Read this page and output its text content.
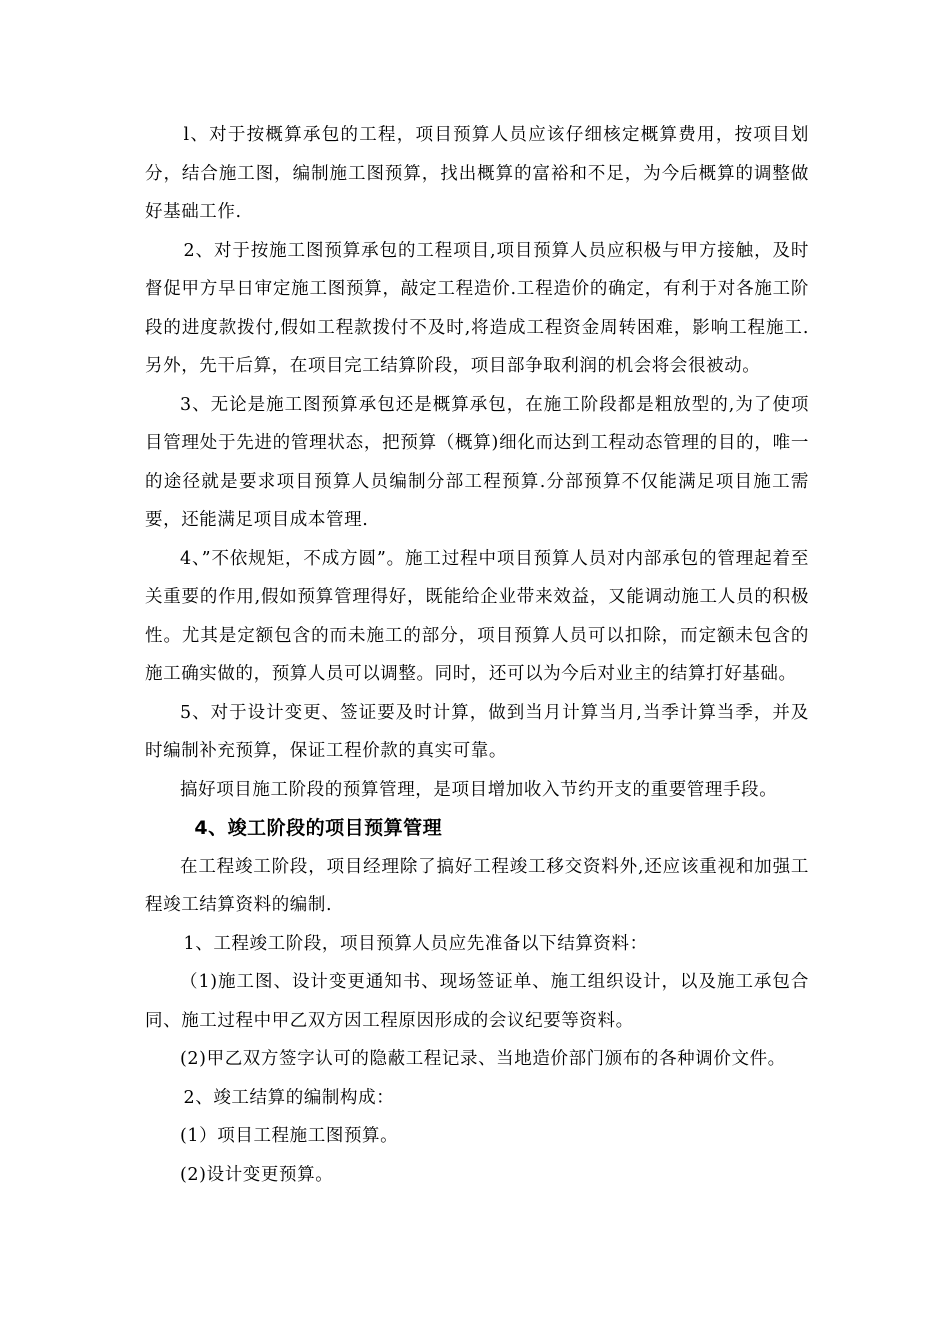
l、对于按概算承包的工程，项目预算人员应该仔细核定概算费用，按项目划分，结合施工图，编制施工图预算，找出概算的富裕和不足，为今后概算的调整做好基础工作.

2、对于按施工图预算承包的工程项目,项目预算人员应积极与甲方接触，及时督促甲方早日审定施工图预算，敲定工程造价.工程造价的确定，有利于对各施工阶段的进度款拨付,假如工程款拨付不及时,将造成工程资金周转困难，影响工程施工.另外，先干后算，在项目完工结算阶段，项目部争取利润的机会将会很被动。

3、无论是施工图预算承包还是概算承包，在施工阶段都是粗放型的,为了使项目管理处于先进的管理状态，把预算（概算)细化而达到工程动态管理的目的，唯一的途径就是要求项目预算人员编制分部工程预算.分部预算不仅能满足项目施工需要，还能满足项目成本管理.

4、”不依规矩，不成方圆”。施工过程中项目预算人员对内部承包的管理起着至关重要的作用,假如预算管理得好，既能给企业带来效益，又能调动施工人员的积极性。尤其是定额包含的而未施工的部分，项目预算人员可以扣除，而定额未包含的施工确实做的，预算人员可以调整。同时，还可以为今后对业主的结算打好基础。

5、对于设计变更、签证要及时计算，做到当月计算当月,当季计算当季，并及时编制补充预算，保证工程价款的真实可靠。

搞好项目施工阶段的预算管理，是项目增加收入节约开支的重要管理手段。

4、竣工阶段的项目预算管理

在工程竣工阶段，项目经理除了搞好工程竣工移交资料外,还应该重视和加强工程竣工结算资料的编制.

1、工程竣工阶段，项目预算人员应先准备以下结算资料：

（1)施工图、设计变更通知书、现场签证单、施工组织设计，以及施工承包合同、施工过程中甲乙双方因工程原因形成的会议纪要等资料。

(2)甲乙双方签字认可的隐蔽工程记录、当地造价部门颁布的各种调价文件。

2、竣工结算的编制构成：

(1）项目工程施工图预算。

(2)设计变更预算。
